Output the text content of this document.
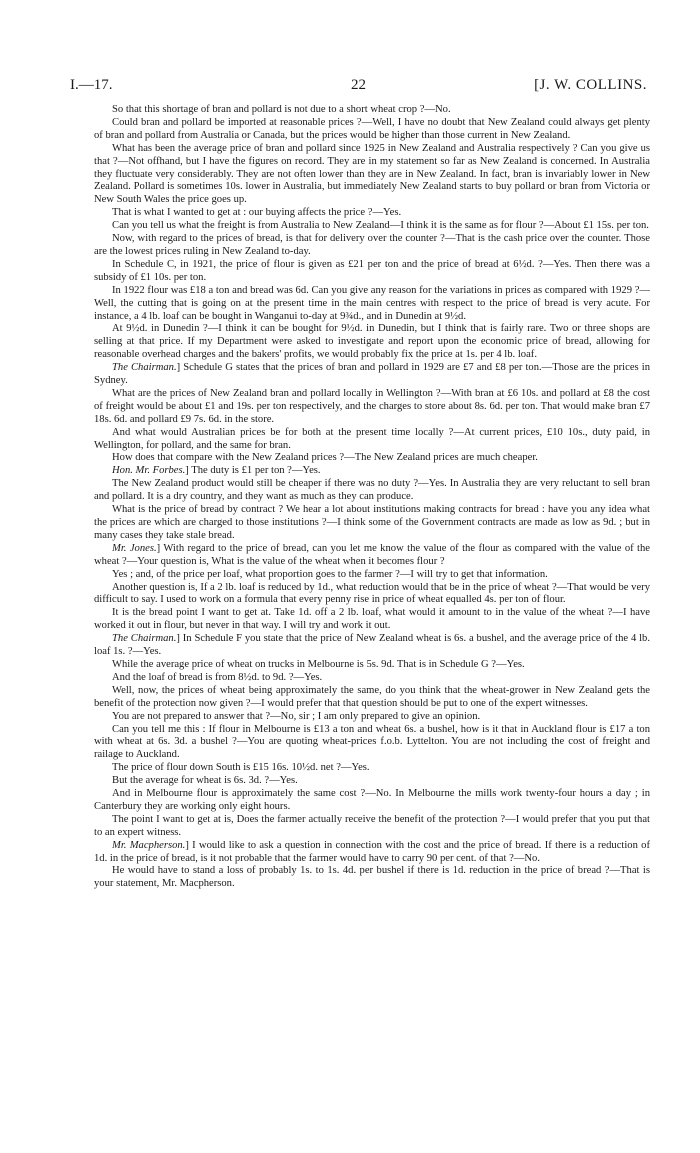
I.—17.	22	[J. W. COLLINS.

So that this shortage of bran and pollard is not due to a short wheat crop ?—No.

Could bran and pollard be imported at reasonable prices ?—Well, I have no doubt that New Zealand could always get plenty of bran and pollard from Australia or Canada, but the prices would be higher than those current in New Zealand.

What has been the average price of bran and pollard since 1925 in New Zealand and Australia respectively ? Can you give us that ?—Not offhand, but I have the figures on record. They are in my statement so far as New Zealand is concerned. In Australia they fluctuate very considerably. They are not often lower than they are in New Zealand. In fact, bran is invariably lower in New Zealand. Pollard is sometimes 10s. lower in Australia, but immediately New Zealand starts to buy pollard or bran from Victoria or New South Wales the price goes up.

That is what I wanted to get at : our buying affects the price ?—Yes.

Can you tell us what the freight is from Australia to New Zealand—I think it is the same as for flour ?—About £1 15s. per ton.

Now, with regard to the prices of bread, is that for delivery over the counter ?—That is the cash price over the counter. Those are the lowest prices ruling in New Zealand to-day.

In Schedule C, in 1921, the price of flour is given as £21 per ton and the price of bread at 6½d. ?—Yes. Then there was a subsidy of £1 10s. per ton.

In 1922 flour was £18 a ton and bread was 6d. Can you give any reason for the variations in prices as compared with 1929 ?—Well, the cutting that is going on at the present time in the main centres with respect to the price of bread is very acute. For instance, a 4 lb. loaf can be bought in Wanganui to-day at 9¾d., and in Dunedin at 9½d.

At 9½d. in Dunedin ?—I think it can be bought for 9½d. in Dunedin, but I think that is fairly rare. Two or three shops are selling at that price. If my Department were asked to investigate and report upon the economic price of bread, allowing for reasonable overhead charges and the bakers' profits, we would probably fix the price at 1s. per 4 lb. loaf.

The Chairman.] Schedule G states that the prices of bran and pollard in 1929 are £7 and £8 per ton.—Those are the prices in Sydney.

What are the prices of New Zealand bran and pollard locally in Wellington ?—With bran at £6 10s. and pollard at £8 the cost of freight would be about £1 and 19s. per ton respectively, and the charges to store about 8s. 6d. per ton. That would make bran £7 18s. 6d. and pollard £9 7s. 6d. in the store.

And what would Australian prices be for both at the present time locally ?—At current prices, £10 10s., duty paid, in Wellington, for pollard, and the same for bran.

How does that compare with the New Zealand prices ?—The New Zealand prices are much cheaper.

Hon. Mr. Forbes.] The duty is £1 per ton ?—Yes.

The New Zealand product would still be cheaper if there was no duty ?—Yes. In Australia they are very reluctant to sell bran and pollard. It is a dry country, and they want as much as they can produce.

What is the price of bread by contract ? We hear a lot about institutions making contracts for bread : have you any idea what the prices are which are charged to those institutions ?—I think some of the Government contracts are made as low as 9d. ; but in many cases they take stale bread.

Mr. Jones.] With regard to the price of bread, can you let me know the value of the flour as compared with the value of the wheat ?—Your question is, What is the value of the wheat when it becomes flour ?

Yes ; and, of the price per loaf, what proportion goes to the farmer ?—I will try to get that information.

Another question is, If a 2 lb. loaf is reduced by 1d., what reduction would that be in the price of wheat ?—That would be very difficult to say. I used to work on a formula that every penny rise in price of wheat equalled 4s. per ton of flour.

It is the bread point I want to get at. Take 1d. off a 2 lb. loaf, what would it amount to in the value of the wheat ?—I have worked it out in flour, but never in that way. I will try and work it out.

The Chairman.] In Schedule F you state that the price of New Zealand wheat is 6s. a bushel, and the average price of the 4 lb. loaf 1s. ?—Yes.

While the average price of wheat on trucks in Melbourne is 5s. 9d. That is in Schedule G ?—Yes.

And the loaf of bread is from 8½d. to 9d. ?—Yes.

Well, now, the prices of wheat being approximately the same, do you think that the wheat-grower in New Zealand gets the benefit of the protection now given ?—I would prefer that that question should be put to one of the expert witnesses.

You are not prepared to answer that ?—No, sir ; I am only prepared to give an opinion.

Can you tell me this : If flour in Melbourne is £13 a ton and wheat 6s. a bushel, how is it that in Auckland flour is £17 a ton with wheat at 6s. 3d. a bushel ?—You are quoting wheat-prices f.o.b. Lyttelton. You are not including the cost of freight and railage to Auckland.

The price of flour down South is £15 16s. 10½d. net ?—Yes.

But the average for wheat is 6s. 3d. ?—Yes.

And in Melbourne flour is approximately the same cost ?—No. In Melbourne the mills work twenty-four hours a day ; in Canterbury they are working only eight hours.

The point I want to get at is, Does the farmer actually receive the benefit of the protection ?—I would prefer that you put that to an expert witness.

Mr. Macpherson.] I would like to ask a question in connection with the cost and the price of bread. If there is a reduction of 1d. in the price of bread, is it not probable that the farmer would have to carry 90 per cent. of that ?—No.

He would have to stand a loss of probably 1s. to 1s. 4d. per bushel if there is 1d. reduction in the price of bread ?—That is your statement, Mr. Macpherson.
